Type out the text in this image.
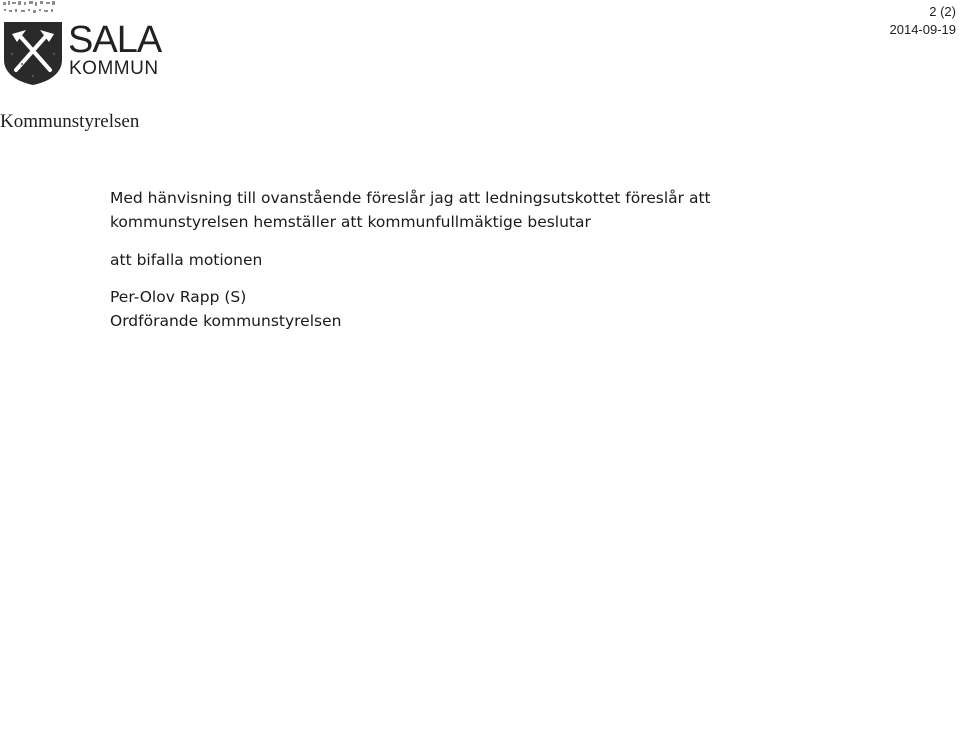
SALA
KOMMUN
2 (2)
2014-09-19
Kommunstyrelsen

Med hänvisning till ovanstående föreslår jag att ledningsutskottet föreslår att
kommunstyrelsen hemställer att kommunfullmäktige beslutar

att bifalla motionen

Per-Olov Rapp (S)

Ordförande kommunstyrelsen
